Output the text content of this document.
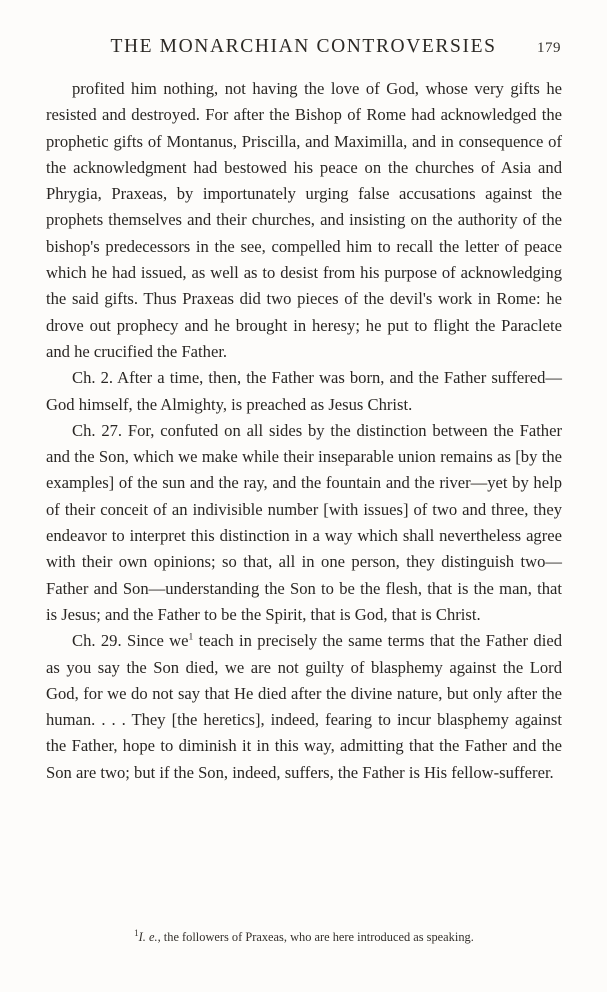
THE MONARCHIAN CONTROVERSIES	179

profited him nothing, not having the love of God, whose very gifts he resisted and destroyed. For after the Bishop of Rome had acknowledged the prophetic gifts of Montanus, Priscilla, and Maximilla, and in consequence of the acknowledgment had bestowed his peace on the churches of Asia and Phrygia, Praxeas, by importunately urging false accusations against the prophets themselves and their churches, and insisting on the authority of the bishop's predecessors in the see, compelled him to recall the letter of peace which he had issued, as well as to desist from his purpose of acknowledging the said gifts. Thus Praxeas did two pieces of the devil's work in Rome: he drove out prophecy and he brought in heresy; he put to flight the Paraclete and he crucified the Father.

Ch. 2. After a time, then, the Father was born, and the Father suffered—God himself, the Almighty, is preached as Jesus Christ.

Ch. 27. For, confuted on all sides by the distinction between the Father and the Son, which we make while their inseparable union remains as [by the examples] of the sun and the ray, and the fountain and the river—yet by help of their conceit of an indivisible number [with issues] of two and three, they endeavor to interpret this distinction in a way which shall nevertheless agree with their own opinions; so that, all in one person, they distinguish two—Father and Son—understanding the Son to be the flesh, that is the man, that is Jesus; and the Father to be the Spirit, that is God, that is Christ.

Ch. 29. Since we$^1$ teach in precisely the same terms that the Father died as you say the Son died, we are not guilty of blasphemy against the Lord God, for we do not say that He died after the divine nature, but only after the human. . . . They [the heretics], indeed, fearing to incur blasphemy against the Father, hope to diminish it in this way, admitting that the Father and the Son are two; but if the Son, indeed, suffers, the Father is His fellow-sufferer.

$^1$I. e., the followers of Praxeas, who are here introduced as speaking.
